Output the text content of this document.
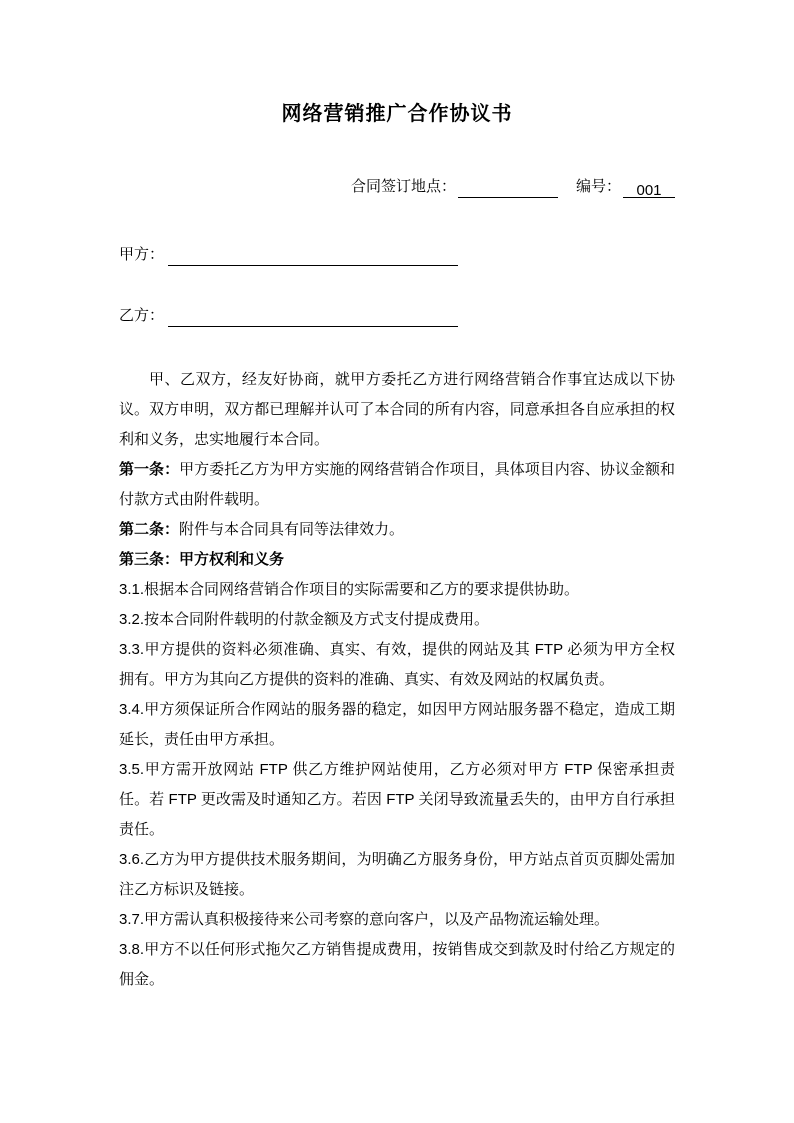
网络营销推广合作协议书
合同签订地点：	编号： 001
甲方：
乙方：

甲、乙双方，经友好协商，就甲方委托乙方进行网络营销合作事宜达成以下协议。双方申明，双方都已理解并认可了本合同的所有内容，同意承担各自应承担的权利和义务，忠实地履行本合同。

第一条：甲方委托乙方为甲方实施的网络营销合作项目，具体项目内容、协议金额和付款方式由附件载明。

第二条：附件与本合同具有同等法律效力。

第三条：甲方权利和义务

3.1.根据本合同网络营销合作项目的实际需要和乙方的要求提供协助。

3.2.按本合同附件载明的付款金额及方式支付提成费用。

3.3.甲方提供的资料必须准确、真实、有效，提供的网站及其 FTP 必须为甲方全权拥有。甲方为其向乙方提供的资料的准确、真实、有效及网站的权属负责。

3.4.甲方须保证所合作网站的服务器的稳定，如因甲方网站服务器不稳定，造成工期延长，责任由甲方承担。

3.5.甲方需开放网站 FTP 供乙方维护网站使用，乙方必须对甲方 FTP 保密承担责任。若 FTP 更改需及时通知乙方。若因 FTP 关闭导致流量丢失的，由甲方自行承担责任。

3.6.乙方为甲方提供技术服务期间，为明确乙方服务身份，甲方站点首页页脚处需加注乙方标识及链接。

3.7.甲方需认真积极接待来公司考察的意向客户，以及产品物流运输处理。

3.8.甲方不以任何形式拖欠乙方销售提成费用，按销售成交到款及时付给乙方规定的佣金。
